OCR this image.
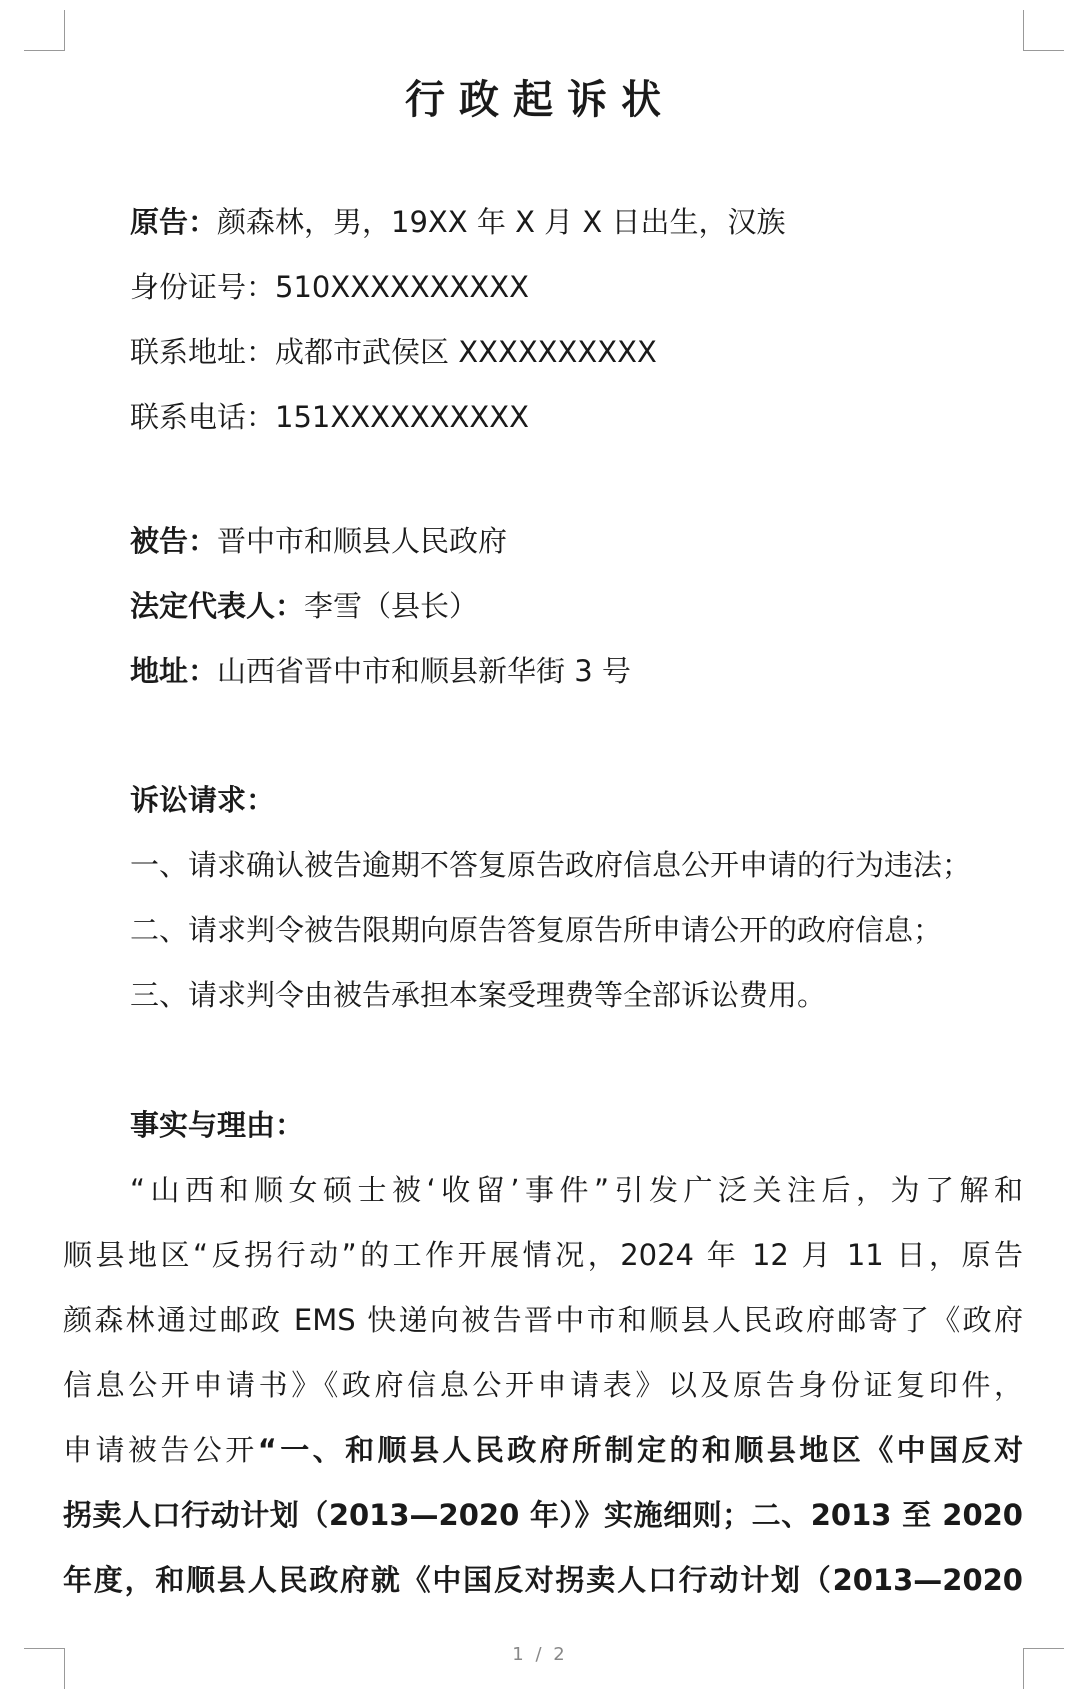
行政起诉状
原告：颜森林，男，19XX 年 X 月 X 日出生，汉族
身份证号：510XXXXXXXXXX
联系地址：成都市武侯区 XXXXXXXXXX
联系电话：151XXXXXXXXXX
被告：晋中市和顺县人民政府
法定代表人：李雪（县长）
地址：山西省晋中市和顺县新华街 3 号
诉讼请求：
一、请求确认被告逾期不答复原告政府信息公开申请的行为违法；
二、请求判令被告限期向原告答复原告所申请公开的政府信息；
三、请求判令由被告承担本案受理费等全部诉讼费用。
事实与理由：
“山西和顺女硕士被‘收留’事件”引发广泛关注后，为了解和
顺县地区“反拐行动”的工作开展情况，2024 年 12 月 11 日，原告
颜森林通过邮政 EMS 快递向被告晋中市和顺县人民政府邮寄了《政府
信息公开申请书》《政府信息公开申请表》以及原告身份证复印件，
申请被告公开“一、和顺县人民政府所制定的和顺县地区《中国反对
拐卖人口行动计划（2013—2020 年）》实施细则；二、2013 至 2020
年度，和顺县人民政府就《中国反对拐卖人口行动计划（2013—2020
1 / 2
